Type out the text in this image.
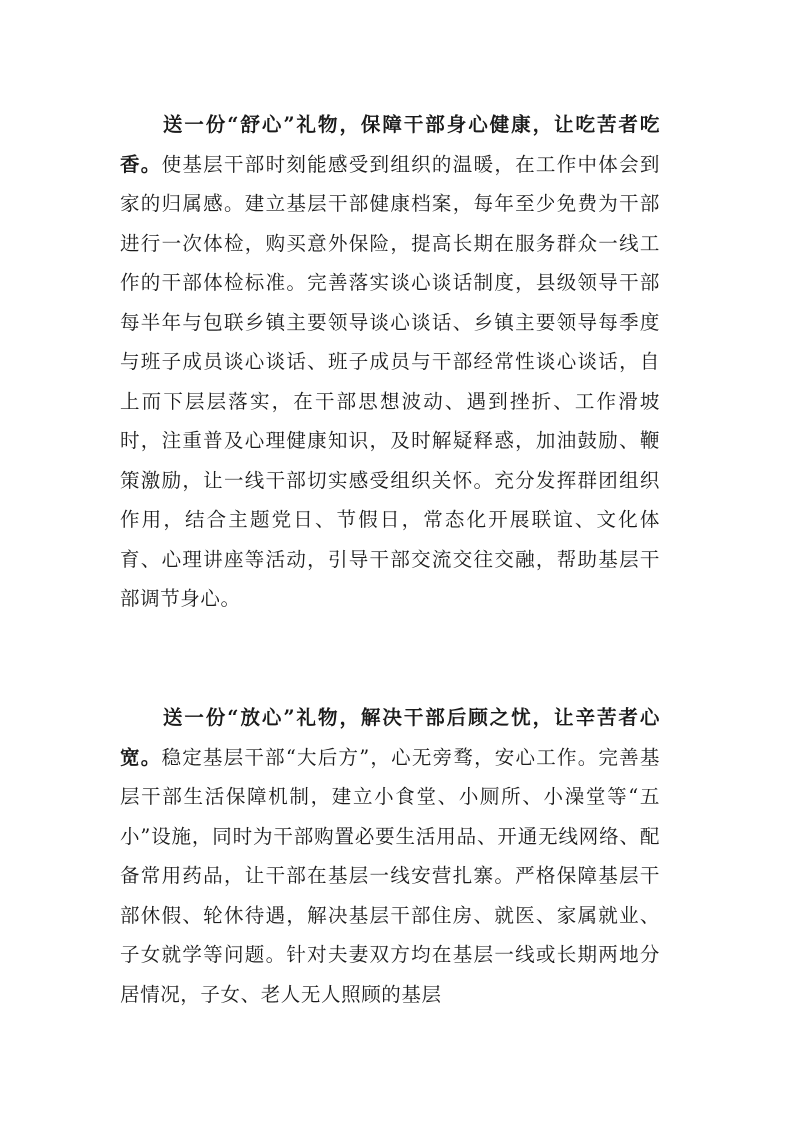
送一份“舒心”礼物，保障干部身心健康，让吃苦者吃香。使基层干部时刻能感受到组织的温暖，在工作中体会到家的归属感。建立基层干部健康档案，每年至少免费为干部进行一次体检，购买意外保险，提高长期在服务群众一线工作的干部体检标准。完善落实谈心谈话制度，县级领导干部每半年与包联乡镇主要领导谈心谈话、乡镇主要领导每季度与班子成员谈心谈话、班子成员与干部经常性谈心谈话，自上而下层层落实，在干部思想波动、遇到挫折、工作滑坡时，注重普及心理健康知识，及时解疑释惑，加油鼓励、鞭策激励，让一线干部切实感受组织关怀。充分发挥群团组织作用，结合主题党日、节假日，常态化开展联谊、文化体育、心理讲座等活动，引导干部交流交往交融，帮助基层干部调节身心。

送一份“放心”礼物，解决干部后顾之忧，让辛苦者心宽。稳定基层干部“大后方”，心无旁骛，安心工作。完善基层干部生活保障机制，建立小食堂、小厕所、小澡堂等“五小”设施，同时为干部购置必要生活用品、开通无线网络、配备常用药品，让干部在基层一线安营扎寨。严格保障基层干部休假、轮休待遇，解决基层干部住房、就医、家属就业、子女就学等问题。针对夫妻双方均在基层一线或长期两地分居情况，子女、老人无人照顾的基层
